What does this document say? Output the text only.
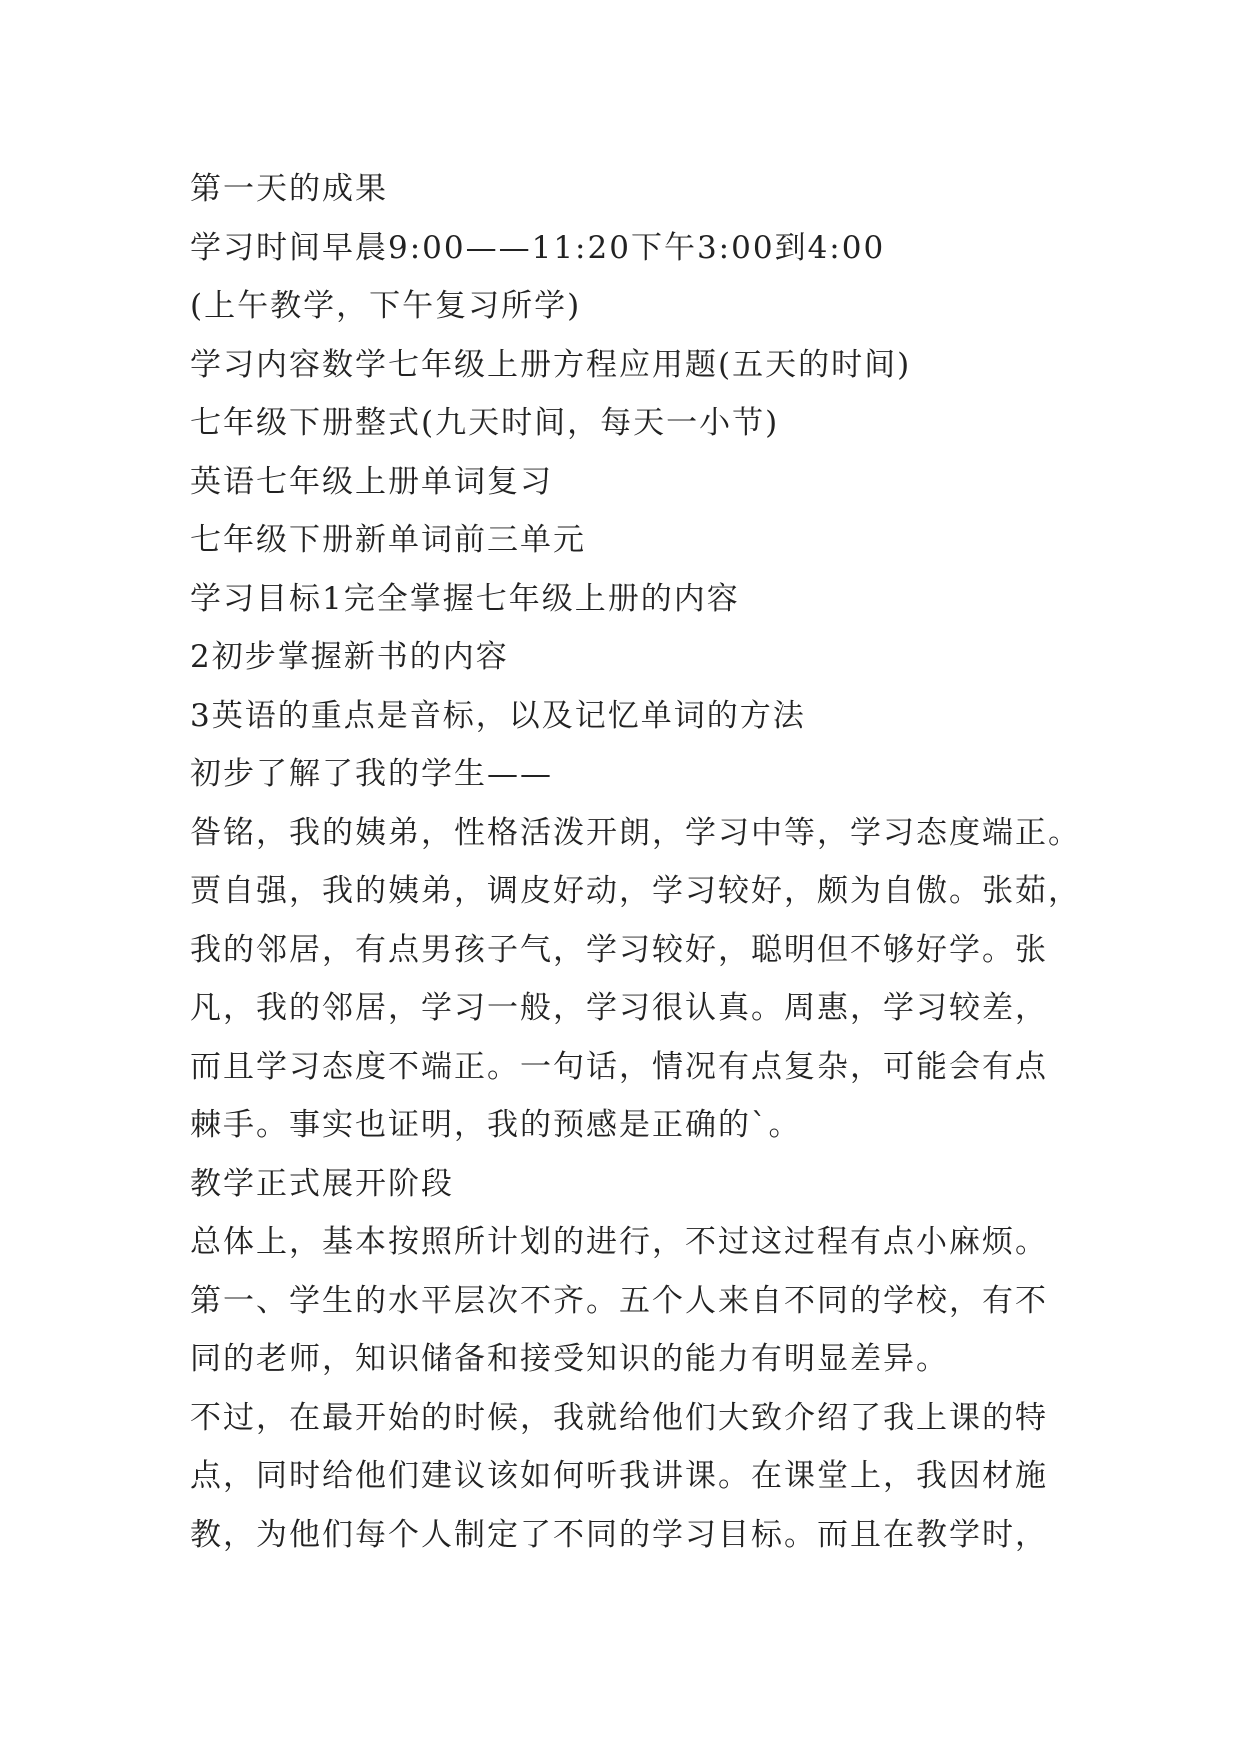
第一天的成果
学习时间早晨9:00——11:20下午3:00到4:00
(上午教学，下午复习所学)
学习内容数学七年级上册方程应用题(五天的时间)
七年级下册整式(九天时间，每天一小节)
英语七年级上册单词复习
七年级下册新单词前三单元
学习目标1完全掌握七年级上册的内容
2初步掌握新书的内容
3英语的重点是音标，以及记忆单词的方法
初步了解了我的学生——
昝铭，我的姨弟，性格活泼开朗，学习中等，学习态度端正。
贾自强，我的姨弟，调皮好动，学习较好，颇为自傲。张茹，
我的邻居，有点男孩子气，学习较好，聪明但不够好学。张
凡，我的邻居，学习一般，学习很认真。周惠，学习较差，
而且学习态度不端正。一句话，情况有点复杂，可能会有点
棘手。事实也证明，我的预感是正确的`。
教学正式展开阶段
总体上，基本按照所计划的进行，不过这过程有点小麻烦。
第一、学生的水平层次不齐。五个人来自不同的学校，有不
同的老师，知识储备和接受知识的能力有明显差异。
不过，在最开始的时候，我就给他们大致介绍了我上课的特
点，同时给他们建议该如何听我讲课。在课堂上，我因材施
教，为他们每个人制定了不同的学习目标。而且在教学时，
